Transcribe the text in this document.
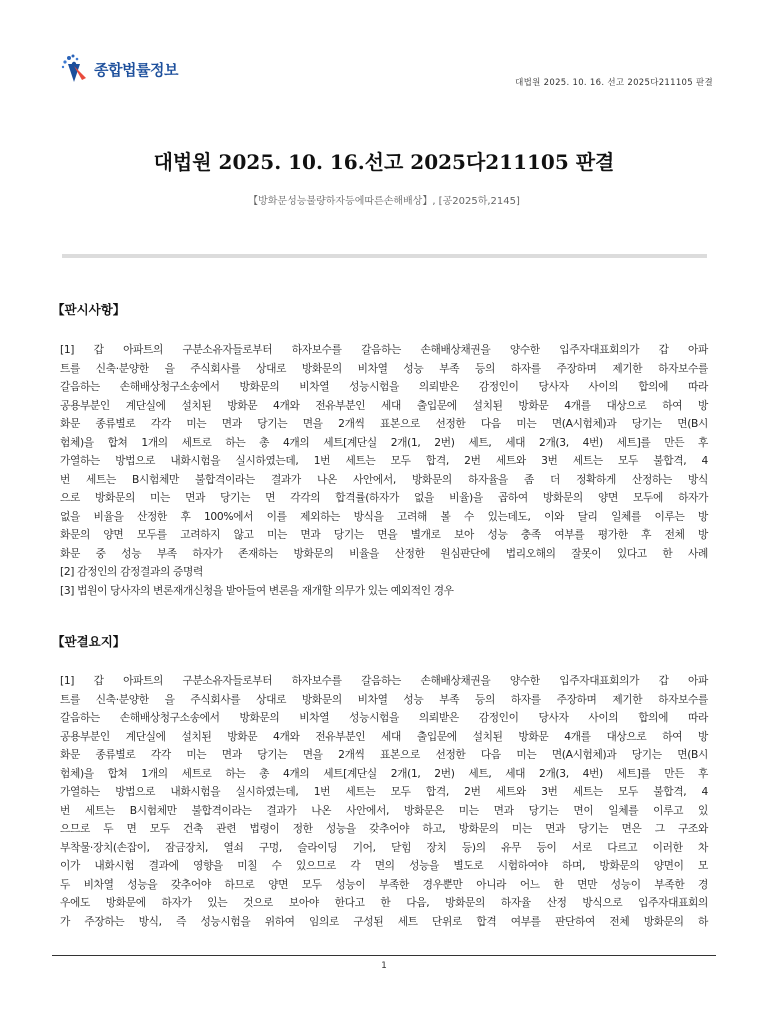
종합법률정보
대법원 2025. 10. 16. 선고 2025다211105 판결
대법원 2025. 10. 16.선고 2025다211105 판결
【방화문성능불량하자등에따른손해배상】, [공2025하,2145]
【판시사항】

[1] 갑 아파트의 구분소유자들로부터 하자보수를 갈음하는 손해배상채권을 양수한 입주자대표회의가 갑 아파

트를 신축·분양한 을 주식회사를 상대로 방화문의 비차열 성능 부족 등의 하자를 주장하며 제기한 하자보수를

갈음하는 손해배상청구소송에서 방화문의 비차열 성능시험을 의뢰받은 감정인이 당사자 사이의 합의에 따라

공용부분인 계단실에 설치된 방화문 4개와 전유부분인 세대 출입문에 설치된 방화문 4개를 대상으로 하여 방

화문 종류별로 각각 미는 면과 당기는 면을 2개씩 표본으로 선정한 다음 미는 면(A시험체)과 당기는 면(B시

험체)을 합쳐 1개의 세트로 하는 총 4개의 세트[계단실 2개(1, 2번) 세트, 세대 2개(3, 4번) 세트]를 만든 후

가열하는 방법으로 내화시험을 실시하였는데, 1번 세트는 모두 합격, 2번 세트와 3번 세트는 모두 불합격, 4

번 세트는 B시험체만 불합격이라는 결과가 나온 사안에서, 방화문의 하자율을 좀 더 정확하게 산정하는 방식

으로 방화문의 미는 면과 당기는 면 각각의 합격률(하자가 없을 비율)을 곱하여 방화문의 양면 모두에 하자가

없을 비율을 산정한 후 100%에서 이를 제외하는 방식을 고려해 볼 수 있는데도, 이와 달리 일체를 이루는 방

화문의 양면 모두를 고려하지 않고 미는 면과 당기는 면을 별개로 보아 성능 충족 여부를 평가한 후 전체 방

화문 중 성능 부족 하자가 존재하는 방화문의 비율을 산정한 원심판단에 법리오해의 잘못이 있다고 한 사례

[2] 감정인의 감정결과의 증명력

[3] 법원이 당사자의 변론재개신청을 받아들여 변론을 재개할 의무가 있는 예외적인 경우

【판결요지】

[1] 갑 아파트의 구분소유자들로부터 하자보수를 갈음하는 손해배상채권을 양수한 입주자대표회의가 갑 아파

트를 신축·분양한 을 주식회사를 상대로 방화문의 비차열 성능 부족 등의 하자를 주장하며 제기한 하자보수를

갈음하는 손해배상청구소송에서 방화문의 비차열 성능시험을 의뢰받은 감정인이 당사자 사이의 합의에 따라

공용부분인 계단실에 설치된 방화문 4개와 전유부분인 세대 출입문에 설치된 방화문 4개를 대상으로 하여 방

화문 종류별로 각각 미는 면과 당기는 면을 2개씩 표본으로 선정한 다음 미는 면(A시험체)과 당기는 면(B시

험체)을 합쳐 1개의 세트로 하는 총 4개의 세트[계단실 2개(1, 2번) 세트, 세대 2개(3, 4번) 세트]를 만든 후

가열하는 방법으로 내화시험을 실시하였는데, 1번 세트는 모두 합격, 2번 세트와 3번 세트는 모두 불합격, 4

번 세트는 B시험체만 불합격이라는 결과가 나온 사안에서, 방화문은 미는 면과 당기는 면이 일체를 이루고 있

으므로 두 면 모두 건축 관련 법령이 정한 성능을 갖추어야 하고, 방화문의 미는 면과 당기는 면은 그 구조와

부착물·장치(손잡이, 잠금장치, 열쇠 구멍, 슬라이딩 기어, 닫힘 장치 등)의 유무 등이 서로 다르고 이러한 차

이가 내화시험 결과에 영향을 미칠 수 있으므로 각 면의 성능을 별도로 시험하여야 하며, 방화문의 양면이 모

두 비차열 성능을 갖추어야 하므로 양면 모두 성능이 부족한 경우뿐만 아니라 어느 한 면만 성능이 부족한 경

우에도 방화문에 하자가 있는 것으로 보아야 한다고 한 다음, 방화문의 하자율 산정 방식으로 입주자대표회의

가 주장하는 방식, 즉 성능시험을 위하여 임의로 구성된 세트 단위로 합격 여부를 판단하여 전체 방화문의 하

1
